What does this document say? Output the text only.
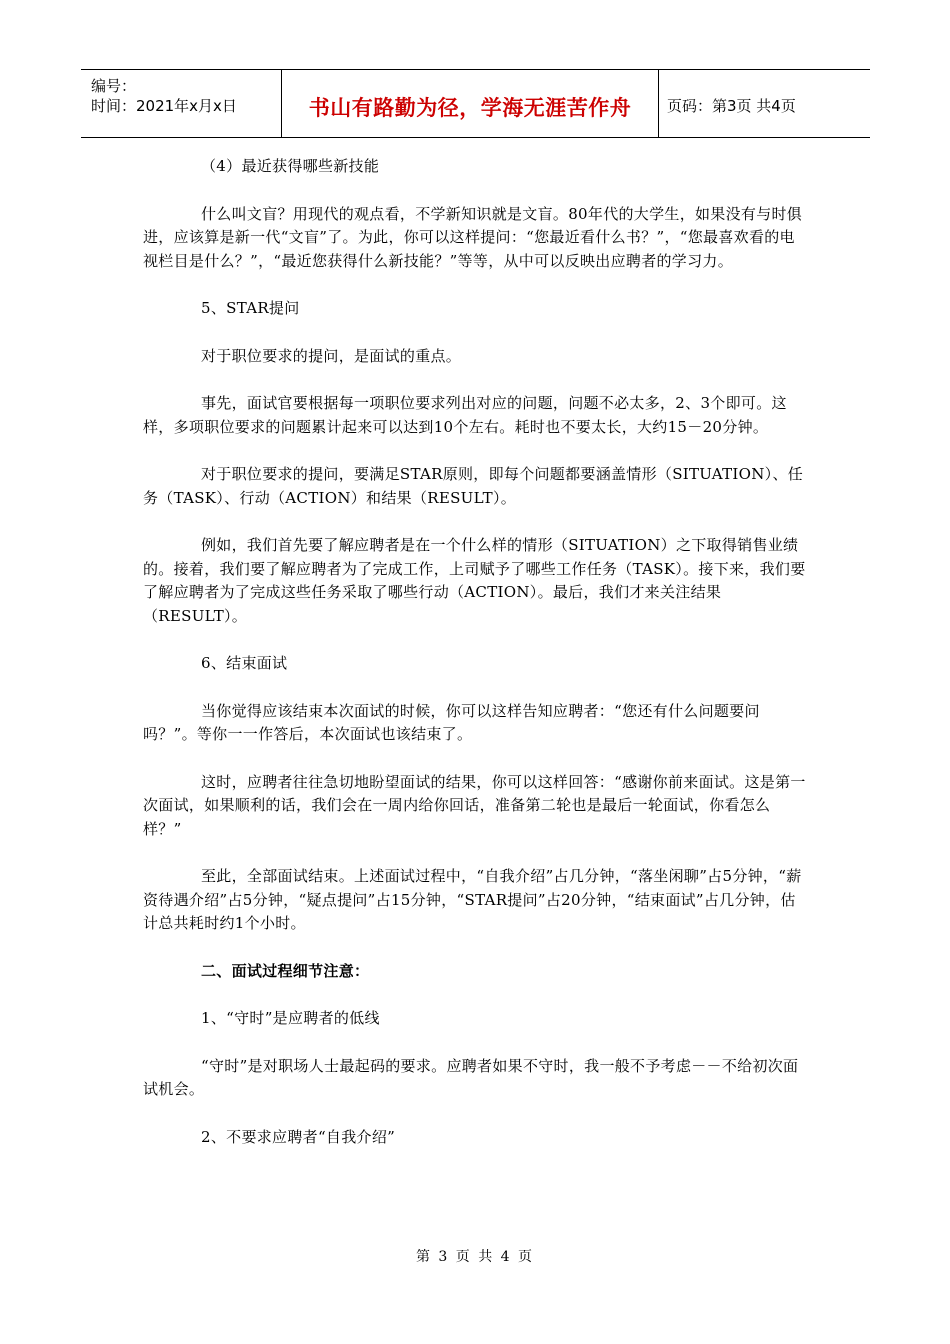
编号：
时间：2021年x月x日	书山有路勤为径，学海无涯苦作舟	页码：第3页 共4页

（4）最近获得哪些新技能

什么叫文盲？用现代的观点看，不学新知识就是文盲。80年代的大学生，如果没有与时俱进，应该算是新一代“文盲”了。为此，你可以这样提问：“您最近看什么书？”，“您最喜欢看的电视栏目是什么？”，“最近您获得什么新技能？”等等，从中可以反映出应聘者的学习力。

5、STAR提问

对于职位要求的提问，是面试的重点。

事先，面试官要根据每一项职位要求列出对应的问题，问题不必太多，2、3个即可。这样，多项职位要求的问题累计起来可以达到10个左右。耗时也不要太长，大约15－20分钟。

对于职位要求的提问，要满足STAR原则，即每个问题都要涵盖情形（SITUATION）、任务（TASK）、行动（ACTION）和结果（RESULT）。

例如，我们首先要了解应聘者是在一个什么样的情形（SITUATION）之下取得销售业绩的。接着，我们要了解应聘者为了完成工作，上司赋予了哪些工作任务（TASK）。接下来，我们要了解应聘者为了完成这些任务采取了哪些行动（ACTION）。最后，我们才来关注结果（RESULT）。

6、结束面试

当你觉得应该结束本次面试的时候，你可以这样告知应聘者：“您还有什么问题要问吗？”。等你一一作答后，本次面试也该结束了。

这时，应聘者往往急切地盼望面试的结果，你可以这样回答：“感谢你前来面试。这是第一次面试，如果顺利的话，我们会在一周内给你回话，准备第二轮也是最后一轮面试，你看怎么样？”

至此，全部面试结束。上述面试过程中，“自我介绍”占几分钟，“落坐闲聊”占5分钟，“薪资待遇介绍”占5分钟，“疑点提问”占15分钟，“STAR提问”占20分钟，“结束面试”占几分钟，估计总共耗时约1个小时。

二、面试过程细节注意：

1、“守时”是应聘者的低线

“守时”是对职场人士最起码的要求。应聘者如果不守时，我一般不予考虑－－不给初次面试机会。

2、不要求应聘者“自我介绍”

第 3 页 共 4 页
